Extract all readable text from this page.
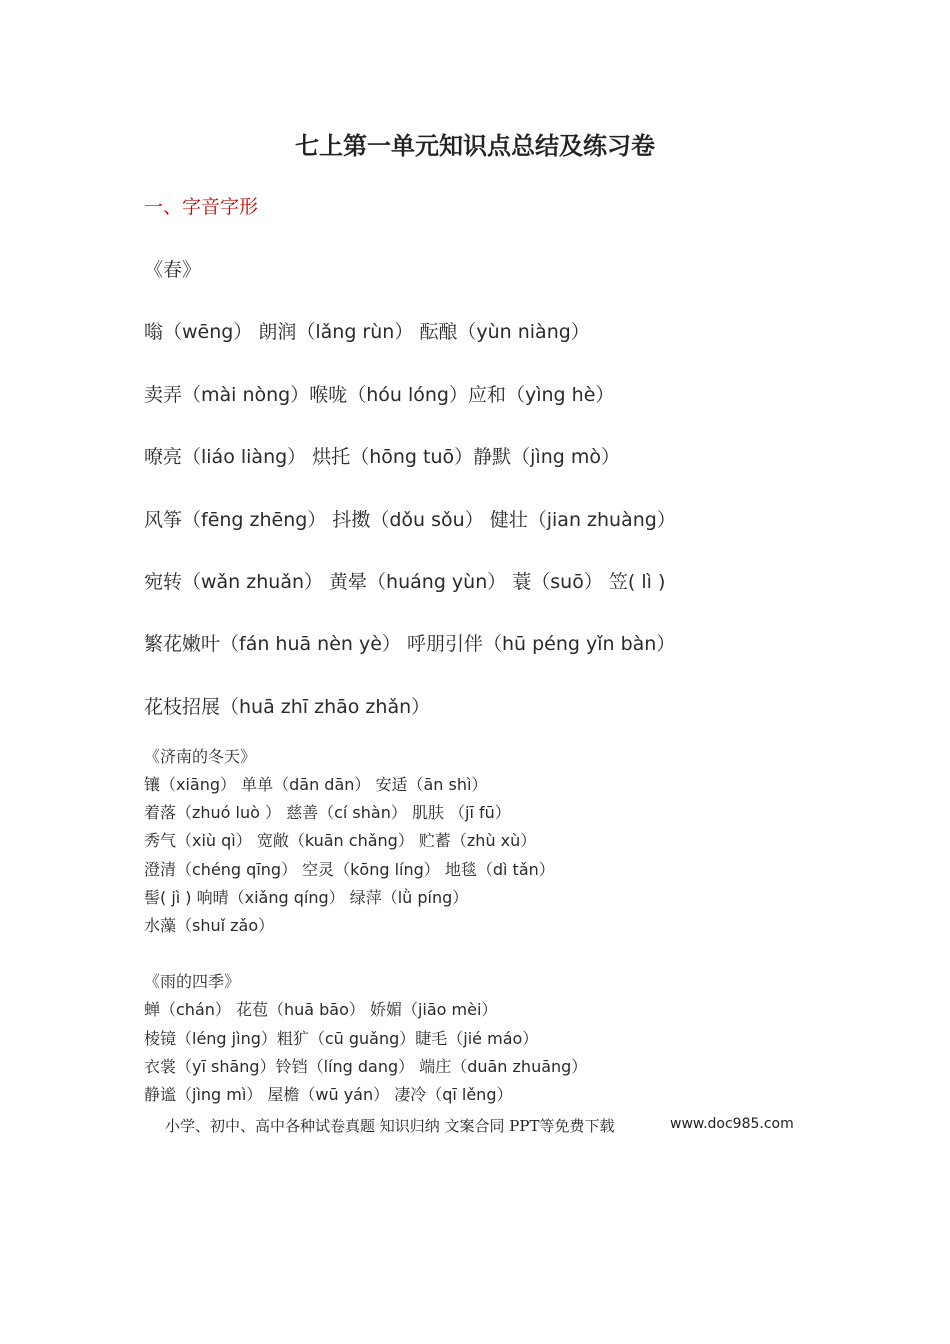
七上第一单元知识点总结及练习卷
一、字音字形
《春》
嗡（wēng） 朗润（lǎng rùn） 酝酿（yùn niàng）
卖弄（mài nòng）喉咙（hóu lóng）应和（yìng hè）
嘹亮（liáo liàng） 烘托（hōng tuō）静默（jìng mò）
风筝（fēng zhēng） 抖擞（dǒu sǒu） 健壮（jian zhuàng）
宛转（wǎn zhuǎn） 黄晕（huáng yùn） 蓑（suō） 笠( lì )
繁花嫩叶（fán huā nèn yè） 呼朋引伴（hū péng yǐn bàn）
花枝招展（huā zhī zhāo zhǎn）
《济南的冬天》
镶（xiāng） 单单（dān dān） 安适（ān shì）
着落（zhuó luò ） 慈善（cí shàn） 肌肤 （jī fū）
秀气（xiù qì） 宽敞（kuān chǎng） 贮蓄（zhù xù）
澄清（chéng qīng） 空灵（kōng líng） 地毯（dì tǎn）
髻( jì ) 响晴（xiǎng qíng） 绿萍（lǜ píng）
水藻（shuǐ zǎo）
《雨的四季》
蝉（chán） 花苞（huā bāo） 娇媚（jiāo mèi）
棱镜（léng jìng）粗犷（cū guǎng）睫毛（jié máo）
衣裳（yī shāng）铃铛（líng dang） 端庄（duān zhuāng）
静谧（jìng mì） 屋檐（wū yán） 凄冷（qī lěng）
小学、初中、高中各种试卷真题 知识归纳 文案合同 PPT等免费下载	www.doc985.com
